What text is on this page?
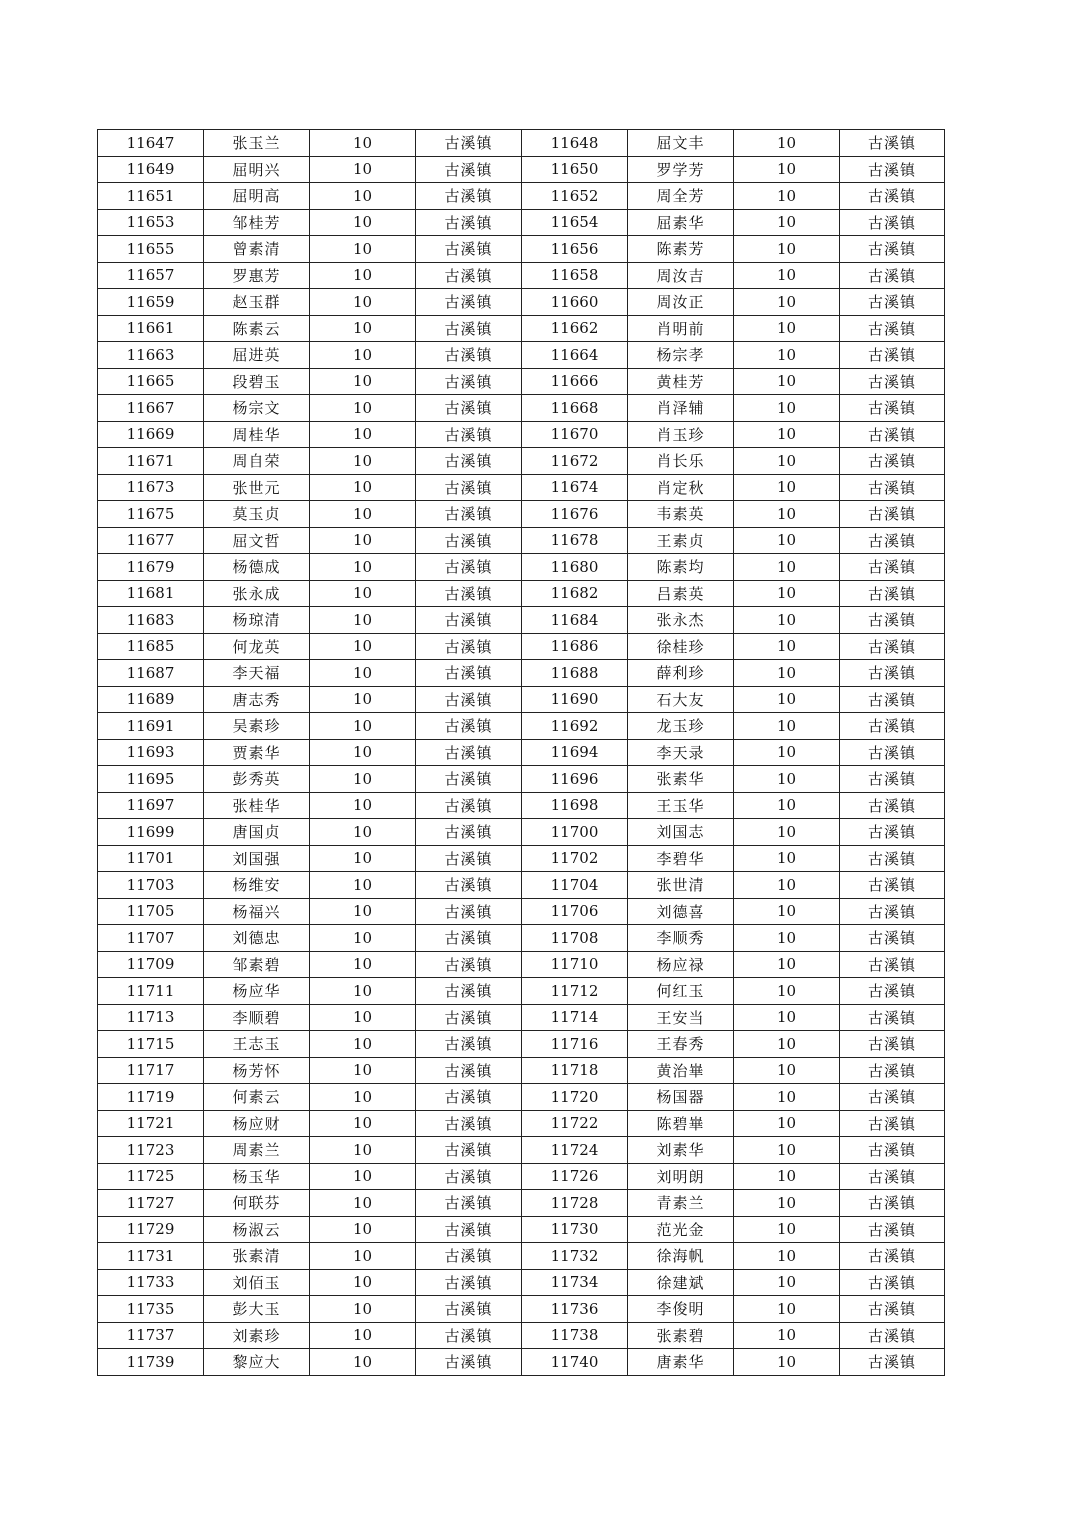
11647	张玉兰	10	古溪镇	11648	屈文丰	10	古溪镇
11649	屈明兴	10	古溪镇	11650	罗学芳	10	古溪镇
11651	屈明高	10	古溪镇	11652	周全芳	10	古溪镇
11653	邹桂芳	10	古溪镇	11654	屈素华	10	古溪镇
11655	曾素清	10	古溪镇	11656	陈素芳	10	古溪镇
11657	罗惠芳	10	古溪镇	11658	周汝吉	10	古溪镇
11659	赵玉群	10	古溪镇	11660	周汝正	10	古溪镇
11661	陈素云	10	古溪镇	11662	肖明前	10	古溪镇
11663	屈进英	10	古溪镇	11664	杨宗孝	10	古溪镇
11665	段碧玉	10	古溪镇	11666	黄桂芳	10	古溪镇
11667	杨宗文	10	古溪镇	11668	肖泽辅	10	古溪镇
11669	周桂华	10	古溪镇	11670	肖玉珍	10	古溪镇
11671	周自荣	10	古溪镇	11672	肖长乐	10	古溪镇
11673	张世元	10	古溪镇	11674	肖定秋	10	古溪镇
11675	莫玉贞	10	古溪镇	11676	韦素英	10	古溪镇
11677	屈文哲	10	古溪镇	11678	王素贞	10	古溪镇
11679	杨德成	10	古溪镇	11680	陈素均	10	古溪镇
11681	张永成	10	古溪镇	11682	吕素英	10	古溪镇
11683	杨琼清	10	古溪镇	11684	张永杰	10	古溪镇
11685	何龙英	10	古溪镇	11686	徐桂珍	10	古溪镇
11687	李天福	10	古溪镇	11688	薛利珍	10	古溪镇
11689	唐志秀	10	古溪镇	11690	石大友	10	古溪镇
11691	吴素珍	10	古溪镇	11692	龙玉珍	10	古溪镇
11693	贾素华	10	古溪镇	11694	李天录	10	古溪镇
11695	彭秀英	10	古溪镇	11696	张素华	10	古溪镇
11697	张桂华	10	古溪镇	11698	王玉华	10	古溪镇
11699	唐国贞	10	古溪镇	11700	刘国志	10	古溪镇
11701	刘国强	10	古溪镇	11702	李碧华	10	古溪镇
11703	杨维安	10	古溪镇	11704	张世清	10	古溪镇
11705	杨福兴	10	古溪镇	11706	刘德喜	10	古溪镇
11707	刘德忠	10	古溪镇	11708	李顺秀	10	古溪镇
11709	邹素碧	10	古溪镇	11710	杨应禄	10	古溪镇
11711	杨应华	10	古溪镇	11712	何红玉	10	古溪镇
11713	李顺碧	10	古溪镇	11714	王安当	10	古溪镇
11715	王志玉	10	古溪镇	11716	王春秀	10	古溪镇
11717	杨芳怀	10	古溪镇	11718	黄治崋	10	古溪镇
11719	何素云	10	古溪镇	11720	杨国器	10	古溪镇
11721	杨应财	10	古溪镇	11722	陈碧崋	10	古溪镇
11723	周素兰	10	古溪镇	11724	刘素华	10	古溪镇
11725	杨玉华	10	古溪镇	11726	刘明朗	10	古溪镇
11727	何联芬	10	古溪镇	11728	青素兰	10	古溪镇
11729	杨淑云	10	古溪镇	11730	范光金	10	古溪镇
11731	张素清	10	古溪镇	11732	徐海帆	10	古溪镇
11733	刘佰玉	10	古溪镇	11734	徐建斌	10	古溪镇
11735	彭大玉	10	古溪镇	11736	李俊明	10	古溪镇
11737	刘素珍	10	古溪镇	11738	张素碧	10	古溪镇
11739	黎应大	10	古溪镇	11740	唐素华	10	古溪镇
